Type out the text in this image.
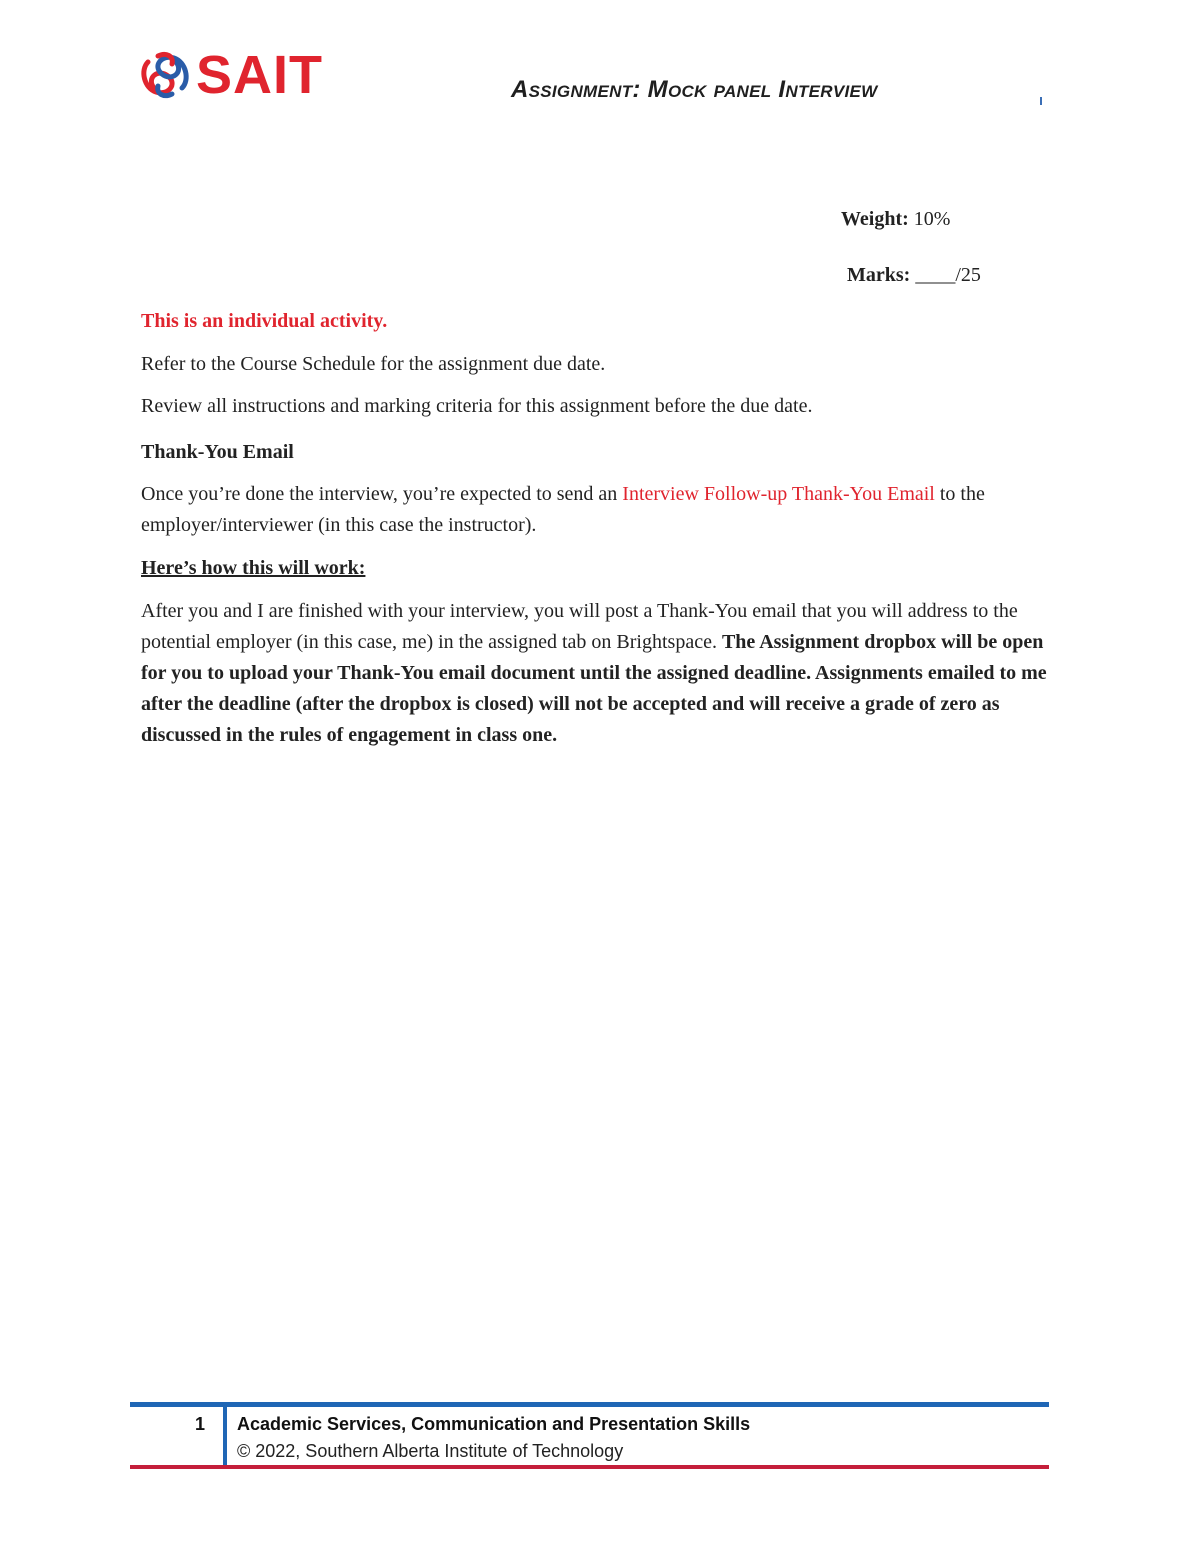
SAIT	Assignment: Mock panel Interview
Weight: 10%
Marks: ____/25

This is an individual activity.

Refer to the Course Schedule for the assignment due date.

Review all instructions and marking criteria for this assignment before the due date.

Thank-You Email

Once you’re done the interview, you’re expected to send an Interview Follow-up Thank-You Email to the employer/interviewer (in this case the instructor).

Here’s how this will work:

After you and I are finished with your interview, you will post a Thank-You email that you will address to the potential employer (in this case, me) in the assigned tab on Brightspace. The Assignment dropbox will be open for you to upload your Thank-You email document until the assigned deadline. Assignments emailed to me after the deadline (after the dropbox is closed) will not be accepted and will receive a grade of zero as discussed in the rules of engagement in class one.

1 Academic Services, Communication and Presentation Skills
© 2022, Southern Alberta Institute of Technology
